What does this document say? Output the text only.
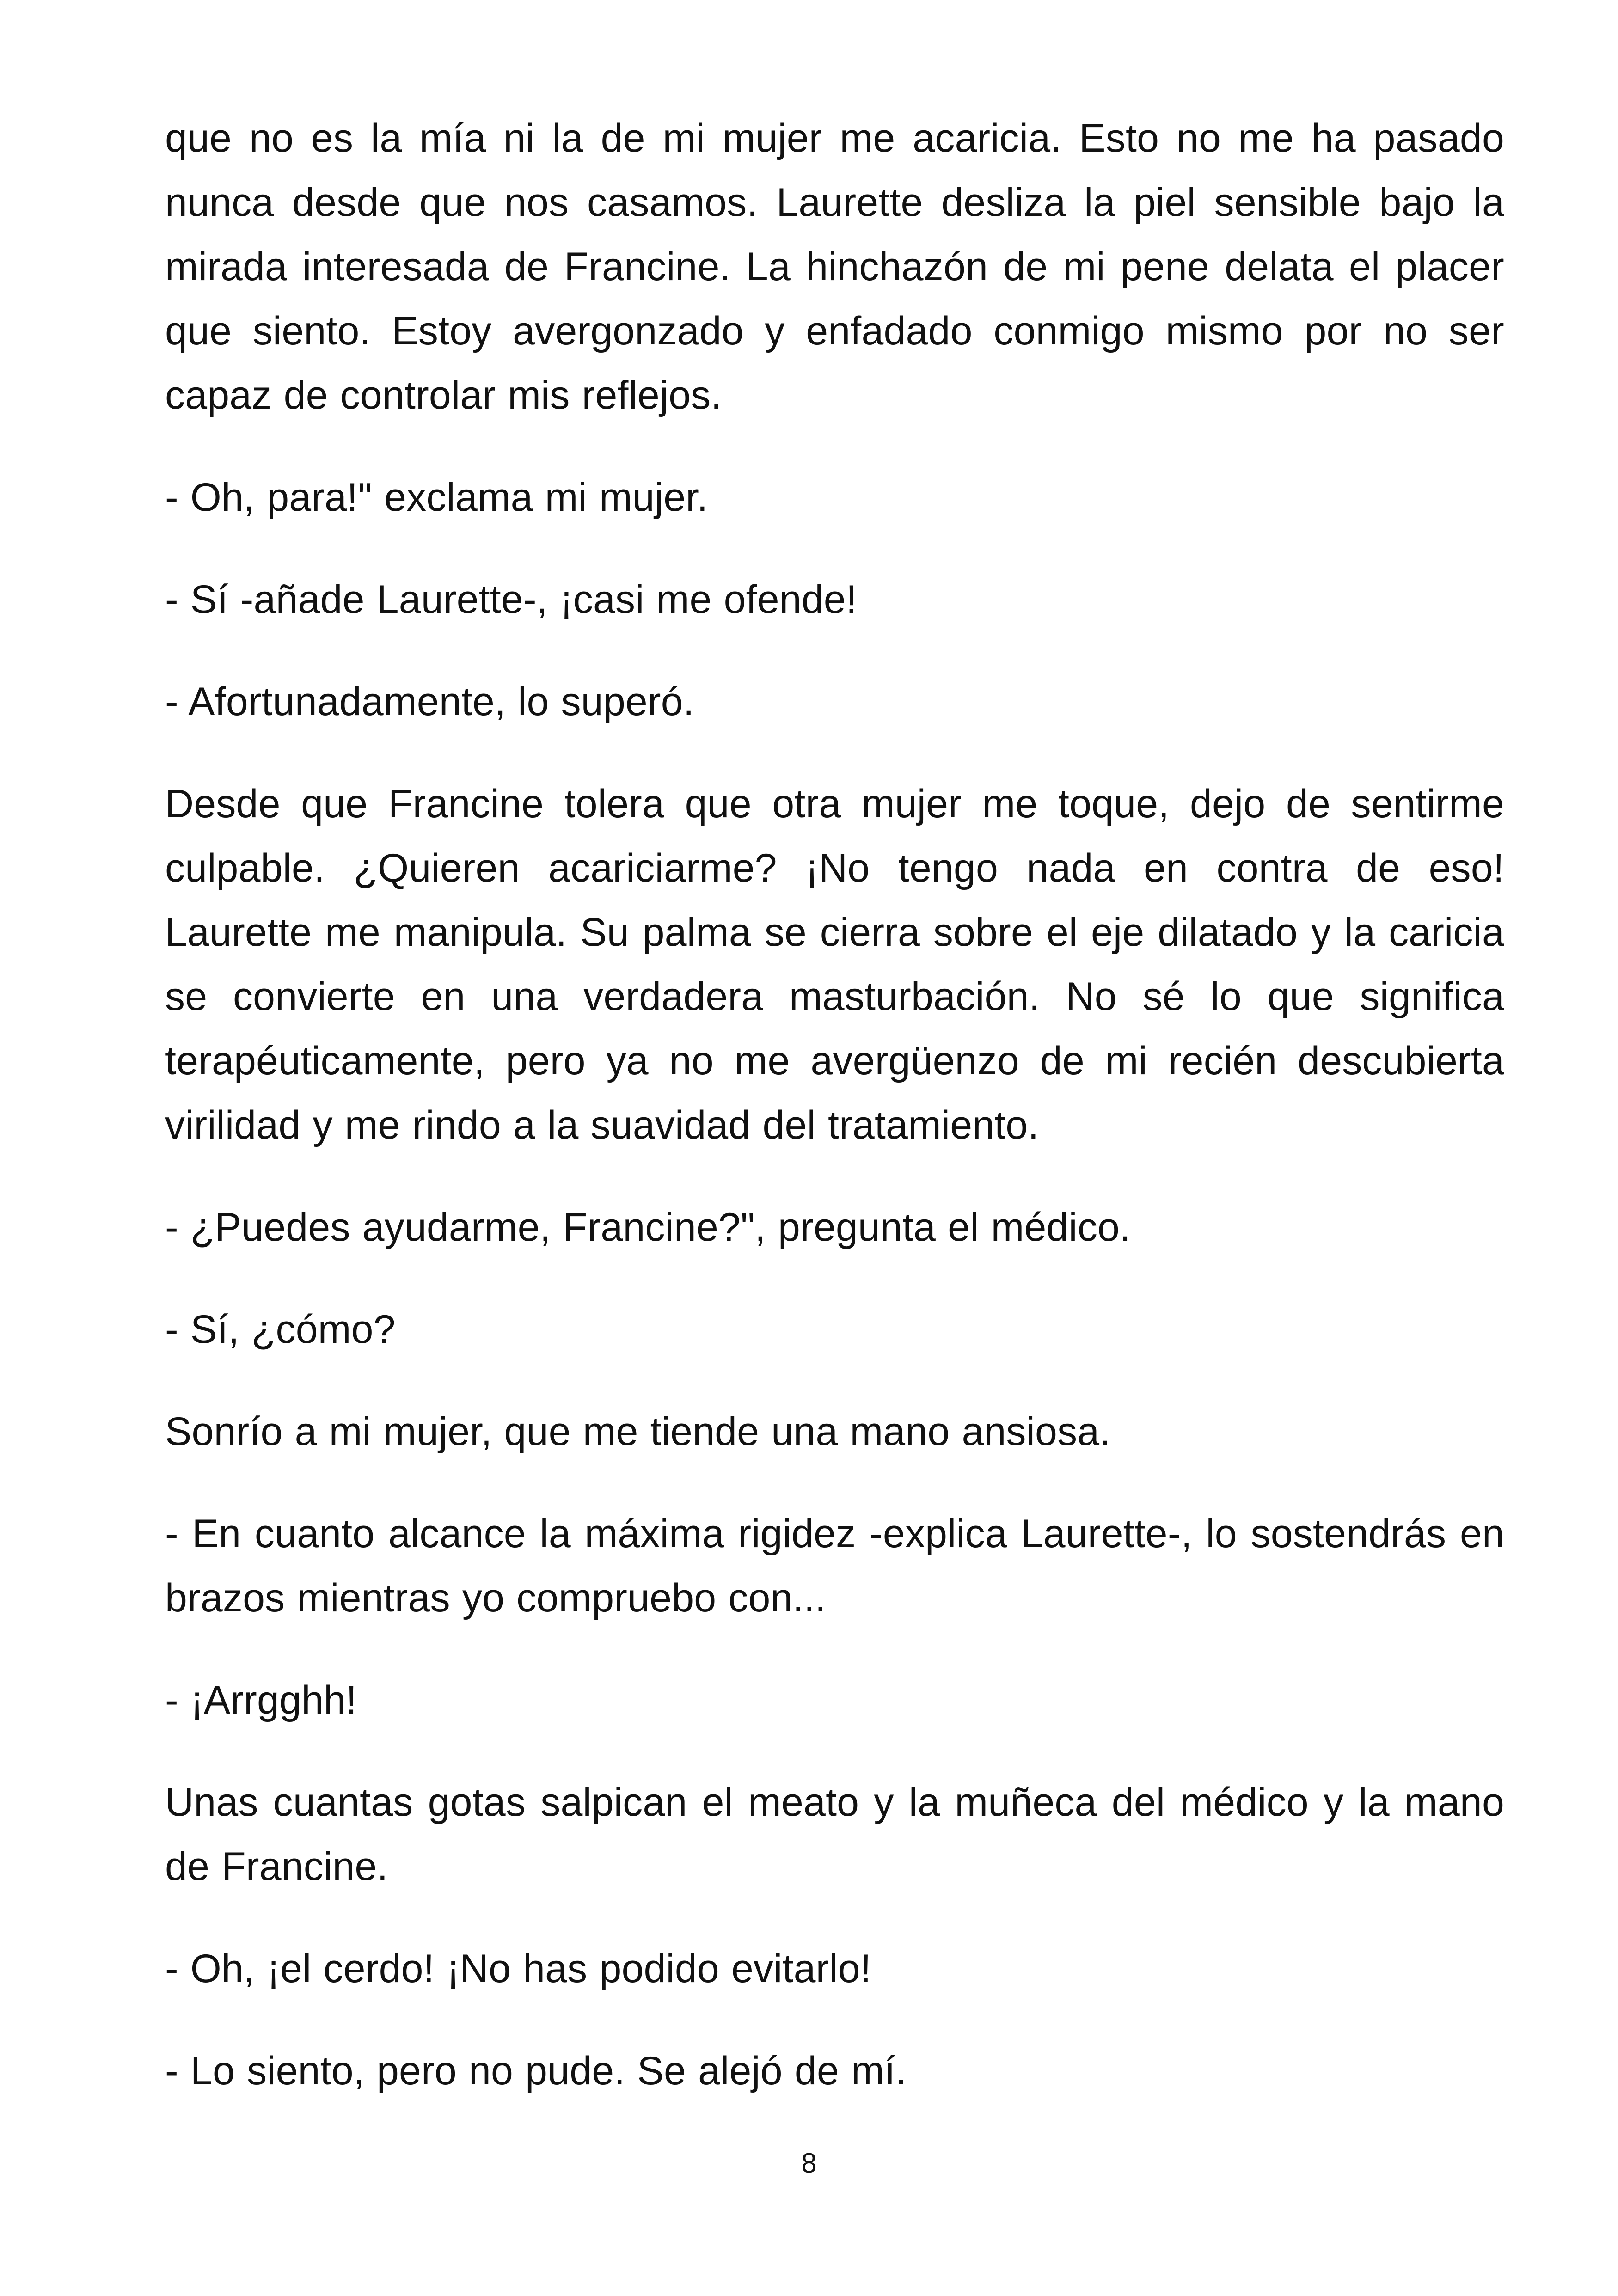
que no es la mía ni la de mi mujer me acaricia. Esto no me ha pasado nunca desde que nos casamos. Laurette desliza la piel sensible bajo la mirada interesada de Francine. La hinchazón de mi pene delata el placer que siento. Estoy avergonzado y enfadado conmigo mismo por no ser capaz de controlar mis reflejos.

- Oh, para!" exclama mi mujer.

- Sí -añade Laurette-, ¡casi me ofende!

- Afortunadamente, lo superó.

Desde que Francine tolera que otra mujer me toque, dejo de sentirme culpable. ¿Quieren acariciarme? ¡No tengo nada en contra de eso! Laurette me manipula. Su palma se cierra sobre el eje dilatado y la caricia se convierte en una verdadera masturbación. No sé lo que significa terapéuticamente, pero ya no me avergüenzo de mi recién descubierta virilidad y me rindo a la suavidad del tratamiento.

- ¿Puedes ayudarme, Francine?", pregunta el médico.

- Sí, ¿cómo?

Sonrío a mi mujer, que me tiende una mano ansiosa.

- En cuanto alcance la máxima rigidez -explica Laurette-, lo sostendrás en brazos mientras yo compruebo con...

- ¡Arrgghh!

Unas cuantas gotas salpican el meato y la muñeca del médico y la mano de Francine.

- Oh, ¡el cerdo! ¡No has podido evitarlo!

- Lo siento, pero no pude. Se alejó de mí.

8
